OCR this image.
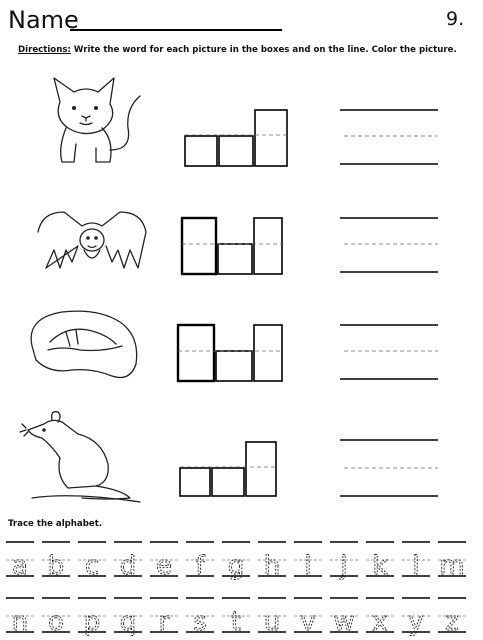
Name	9.
Directions: Write the word for each picture in the boxes and on the line. Color the picture.
Trace the alphabet.
a b c d e f g h i j k l m
n o p q r s t u v w x y z
